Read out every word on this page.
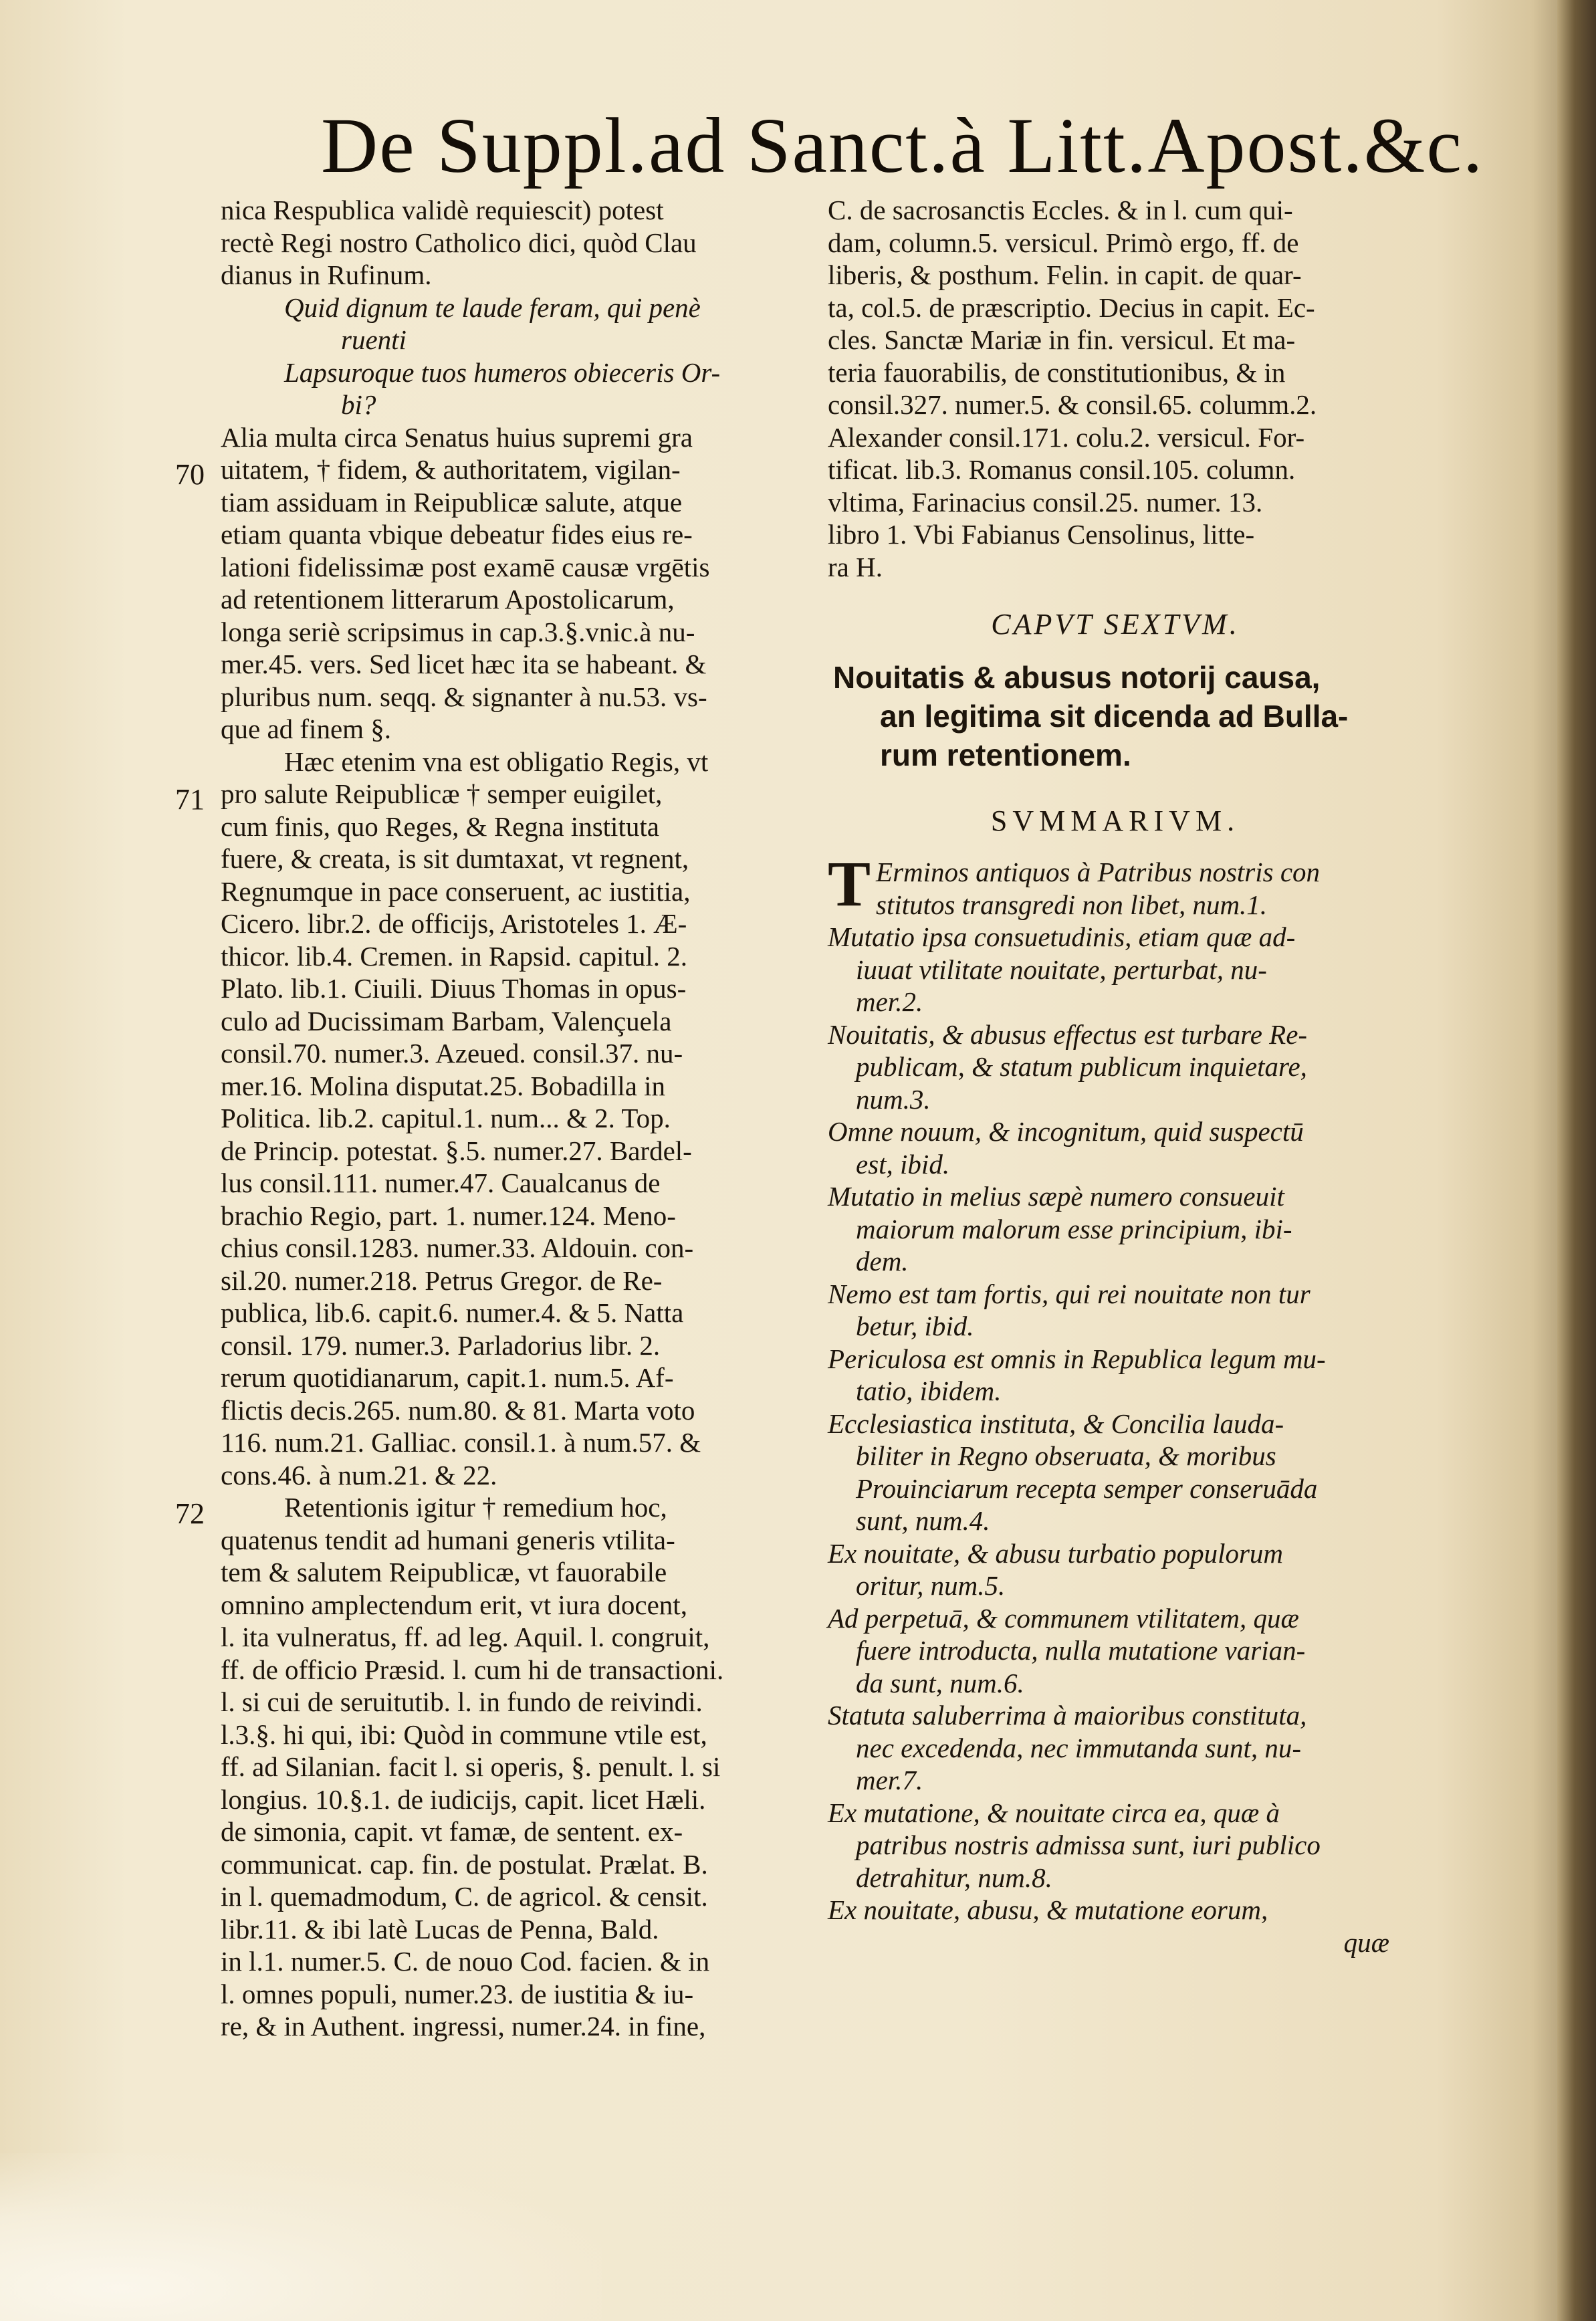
De Suppl.ad Sanct.à Litt.Apost.&c.
70
71
72
nica Respublica validè requiescit) potest
rectè Regi nostro Catholico dici, quòd Clau
dianus in Rufinum.
Quid dignum te laude feram, qui penè
ruenti
Lapsuroque tuos humeros obieceris Or-
bi?
Alia multa circa Senatus huius supremi gra
uitatem, † fidem, & authoritatem, vigilan-
tiam assiduam in Reipublicæ salute, atque
etiam quanta vbique debeatur fides eius re-
lationi fidelissimæ post examē causæ vrgētis
ad retentionem litterarum Apostolicarum,
longa seriè scripsimus in cap.3.§.vnic.à nu-
mer.45. vers. Sed licet hæc ita se habeant. &
pluribus num. seqq. & signanter à nu.53. vs-
que ad finem §.
Hæc etenim vna est obligatio Regis, vt
pro salute Reipublicæ † semper euigilet,
cum finis, quo Reges, & Regna instituta
fuere, & creata, is sit dumtaxat, vt regnent,
Regnumque in pace conseruent, ac iustitia,
Cicero. libr.2. de officijs, Aristoteles 1. Æ-
thicor. lib.4. Cremen. in Rapsid. capitul. 2.
Plato. lib.1. Ciuili. Diuus Thomas in opus-
culo ad Ducissimam Barbam, Valençuela
consil.70. numer.3. Azeued. consil.37. nu-
mer.16. Molina disputat.25. Bobadilla in
Politica. lib.2. capitul.1. num... & 2. Top.
de Princip. potestat. §.5. numer.27. Bardel-
lus consil.111. numer.47. Caualcanus de
brachio Regio, part. 1. numer.124. Meno-
chius consil.1283. numer.33. Aldouin. con-
sil.20. numer.218. Petrus Gregor. de Re-
publica, lib.6. capit.6. numer.4. & 5. Natta
consil. 179. numer.3. Parladorius libr. 2.
rerum quotidianarum, capit.1. num.5. Af-
flictis decis.265. num.80. & 81. Marta voto
116. num.21. Galliac. consil.1. à num.57. &
cons.46. à num.21. & 22.
Retentionis igitur † remedium hoc,
quatenus tendit ad humani generis vtilita-
tem & salutem Reipublicæ, vt fauorabile
omnino amplectendum erit, vt iura docent,
l. ita vulneratus, ff. ad leg. Aquil. l. congruit,
ff. de officio Præsid. l. cum hi de transactioni.
l. si cui de seruitutib. l. in fundo de reivindi.
l.3.§. hi qui, ibi: Quòd in commune vtile est,
ff. ad Silanian. facit l. si operis, §. penult. l. si
longius. 10.§.1. de iudicijs, capit. licet Hæli.
de simonia, capit. vt famæ, de sentent. ex-
communicat. cap. fin. de postulat. Prælat. B.
in l. quemadmodum, C. de agricol. & censit.
libr.11. & ibi latè Lucas de Penna, Bald.
in l.1. numer.5. C. de nouo Cod. facien. & in
l. omnes populi, numer.23. de iustitia & iu-
re, & in Authent. ingressi, numer.24. in fine,
C. de sacrosanctis Eccles. & in l. cum qui-
dam, column.5. versicul. Primò ergo, ff. de
liberis, & posthum. Felin. in capit. de quar-
ta, col.5. de præscriptio. Decius in capit. Ec-
cles. Sanctæ Mariæ in fin. versicul. Et ma-
teria fauorabilis, de constitutionibus, & in
consil.327. numer.5. & consil.65. columm.2.
Alexander consil.171. colu.2. versicul. For-
tificat. lib.3. Romanus consil.105. column.
vltima, Farinacius consil.25. numer. 13.
libro 1. Vbi Fabianus Censolinus, litte-
ra H.
CAPVT SEXTVM.
Nouitatis & abusus notorij causa,
an legitima sit dicenda ad Bulla-
rum retentionem.
SVMMARIVM.
T Erminos antiquos à Patribus nostris con
stitutos transgredi non libet, num.1.
Mutatio ipsa consuetudinis, etiam quæ ad-
iuuat vtilitate nouitate, perturbat, nu-
mer.2.
Nouitatis, & abusus effectus est turbare Re-
publicam, & statum publicum inquietare,
num.3.
Omne nouum, & incognitum, quid suspectū
est, ibid.
Mutatio in melius sæpè numero consueuit
maiorum malorum esse principium, ibi-
dem.
Nemo est tam fortis, qui rei nouitate non tur
betur, ibid.
Periculosa est omnis in Republica legum mu-
tatio, ibidem.
Ecclesiastica instituta, & Concilia lauda-
biliter in Regno obseruata, & moribus
Prouinciarum recepta semper conseruāda
sunt, num.4.
Ex nouitate, & abusu turbatio populorum
oritur, num.5.
Ad perpetuā, & communem vtilitatem, quæ
fuere introducta, nulla mutatione varian-
da sunt, num.6.
Statuta saluberrima à maioribus constituta,
nec excedenda, nec immutanda sunt, nu-
mer.7.
Ex mutatione, & nouitate circa ea, quæ à
patribus nostris admissa sunt, iuri publico
detrahitur, num.8.
Ex nouitate, abusu, & mutatione eorum,
quæ
